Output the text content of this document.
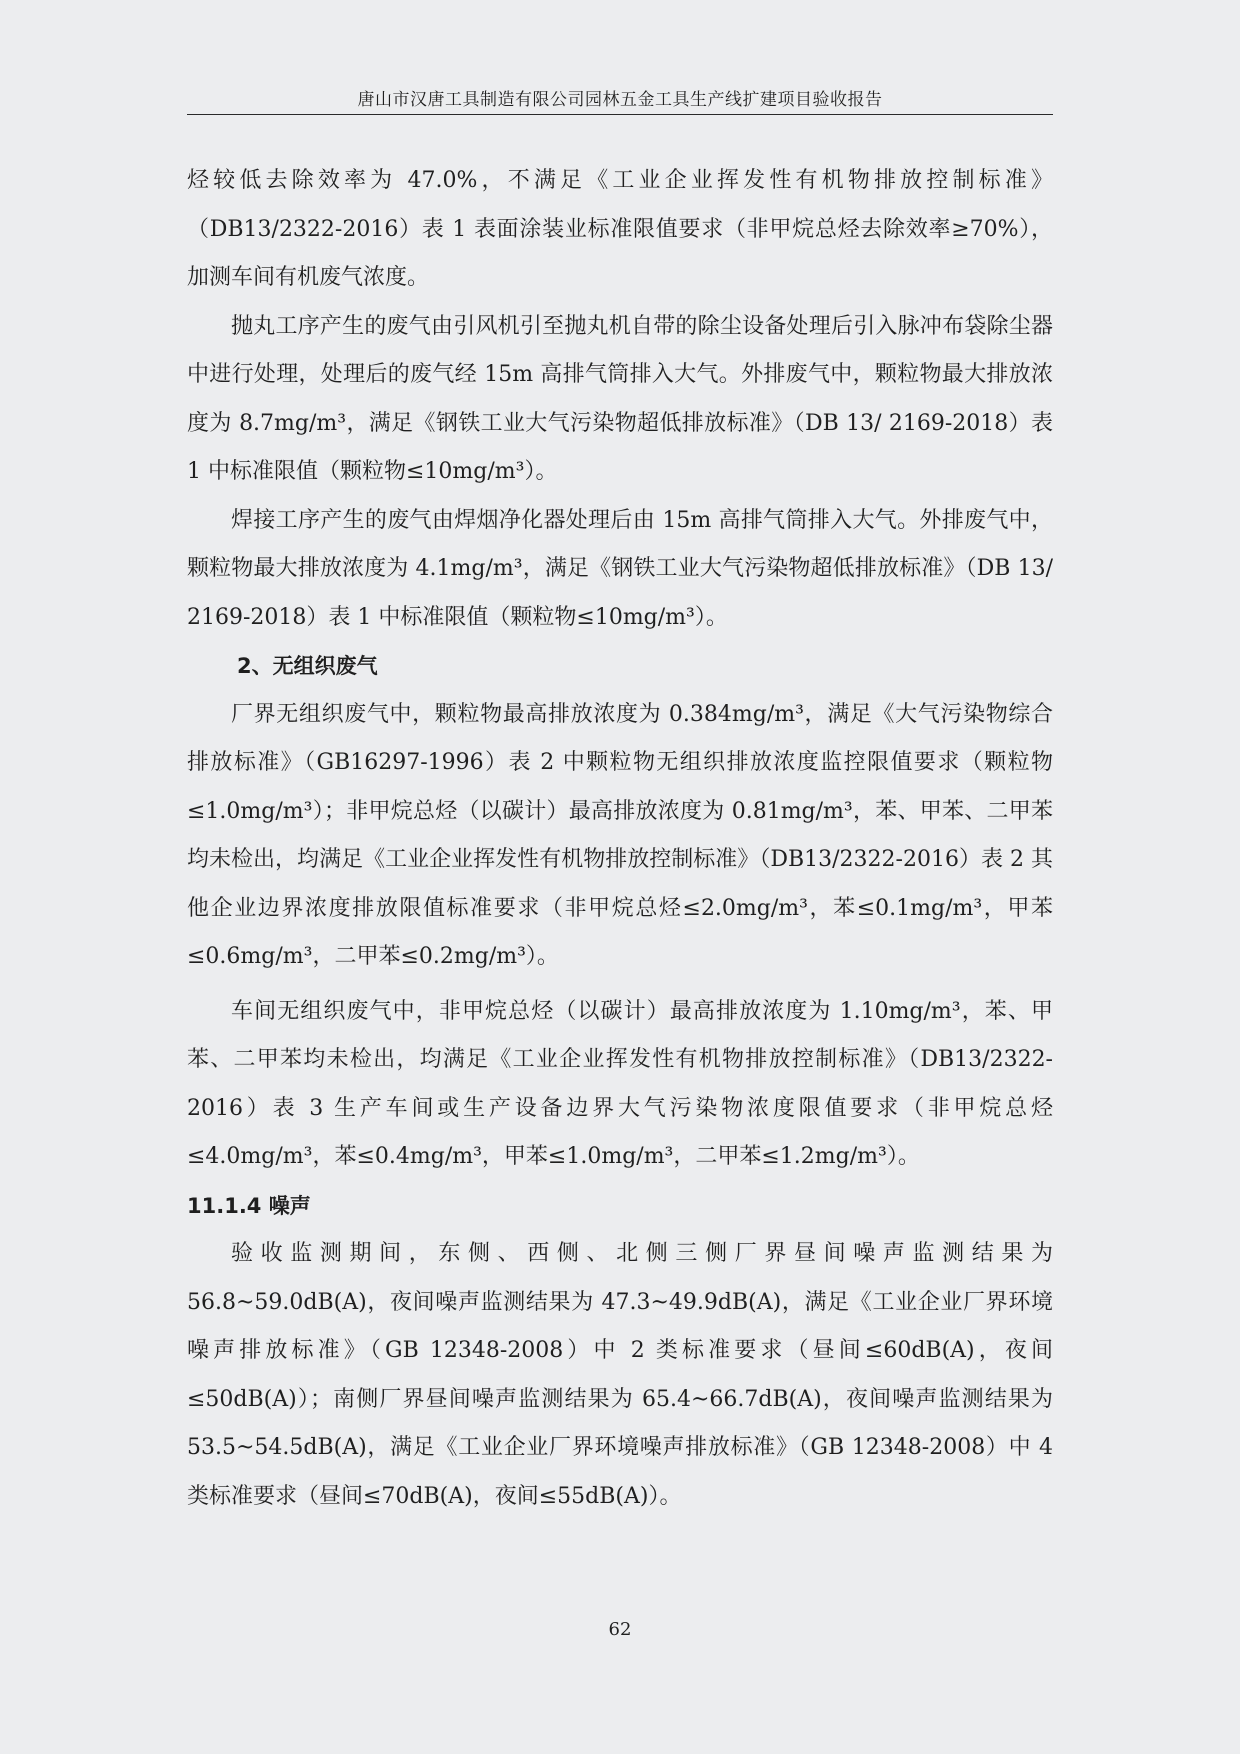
唐山市汉唐工具制造有限公司园林五金工具生产线扩建项目验收报告

烃较低去除效率为 47.0%，不满足《工业企业挥发性有机物排放控制标准》（DB13/2322-2016）表 1 表面涂装业标准限值要求（非甲烷总烃去除效率≥70%），加测车间有机废气浓度。

抛丸工序产生的废气由引风机引至抛丸机自带的除尘设备处理后引入脉冲布袋除尘器中进行处理，处理后的废气经 15m 高排气筒排入大气。外排废气中，颗粒物最大排放浓度为 8.7mg/m³，满足《钢铁工业大气污染物超低排放标准》（DB 13/ 2169-2018）表 1 中标准限值（颗粒物≤10mg/m³）。

焊接工序产生的废气由焊烟净化器处理后由 15m 高排气筒排入大气。外排废气中，颗粒物最大排放浓度为 4.1mg/m³，满足《钢铁工业大气污染物超低排放标准》（DB 13/ 2169-2018）表 1 中标准限值（颗粒物≤10mg/m³）。

2、无组织废气

厂界无组织废气中，颗粒物最高排放浓度为 0.384mg/m³，满足《大气污染物综合排放标准》（GB16297-1996）表 2 中颗粒物无组织排放浓度监控限值要求（颗粒物≤1.0mg/m³）；非甲烷总烃（以碳计）最高排放浓度为 0.81mg/m³，苯、甲苯、二甲苯均未检出，均满足《工业企业挥发性有机物排放控制标准》（DB13/2322-2016）表 2 其他企业边界浓度排放限值标准要求（非甲烷总烃≤2.0mg/m³，苯≤0.1mg/m³，甲苯≤0.6mg/m³，二甲苯≤0.2mg/m³）。

车间无组织废气中，非甲烷总烃（以碳计）最高排放浓度为 1.10mg/m³，苯、甲苯、二甲苯均未检出，均满足《工业企业挥发性有机物排放控制标准》（DB13/2322-2016）表 3 生产车间或生产设备边界大气污染物浓度限值要求（非甲烷总烃≤4.0mg/m³，苯≤0.4mg/m³，甲苯≤1.0mg/m³，二甲苯≤1.2mg/m³）。

11.1.4 噪声

验收监测期间，东侧、西侧、北侧三侧厂界昼间噪声监测结果为 56.8~59.0dB(A)，夜间噪声监测结果为 47.3~49.9dB(A)，满足《工业企业厂界环境噪声排放标准》（GB 12348-2008）中 2 类标准要求（昼间≤60dB(A)，夜间≤50dB(A)）；南侧厂界昼间噪声监测结果为 65.4~66.7dB(A)，夜间噪声监测结果为 53.5~54.5dB(A)，满足《工业企业厂界环境噪声排放标准》（GB 12348-2008）中 4 类标准要求（昼间≤70dB(A)，夜间≤55dB(A)）。

62
